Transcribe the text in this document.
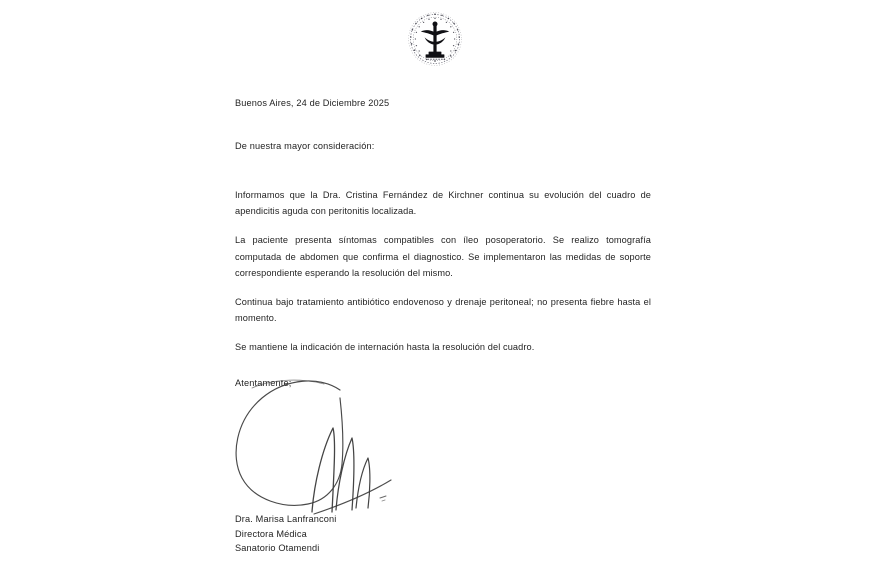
Buenos Aires, 24 de Diciembre 2025
De nuestra mayor consideración:

Informamos que la Dra. Cristina Fernández de Kirchner continua su evolución del cuadro de apendicitis aguda con peritonitis localizada.

La paciente presenta síntomas compatibles con íleo posoperatorio. Se realizo tomografía computada de abdomen que confirma el diagnostico. Se implementaron las medidas de soporte correspondiente esperando la resolución del mismo.

Continua bajo tratamiento antibiótico endovenoso y drenaje peritoneal; no presenta fiebre hasta el momento.

Se mantiene la indicación de internación hasta la resolución del cuadro.

Atentamente;
Dra. Marisa Lanfranconi
Directora Médica
Sanatorio Otamendi
